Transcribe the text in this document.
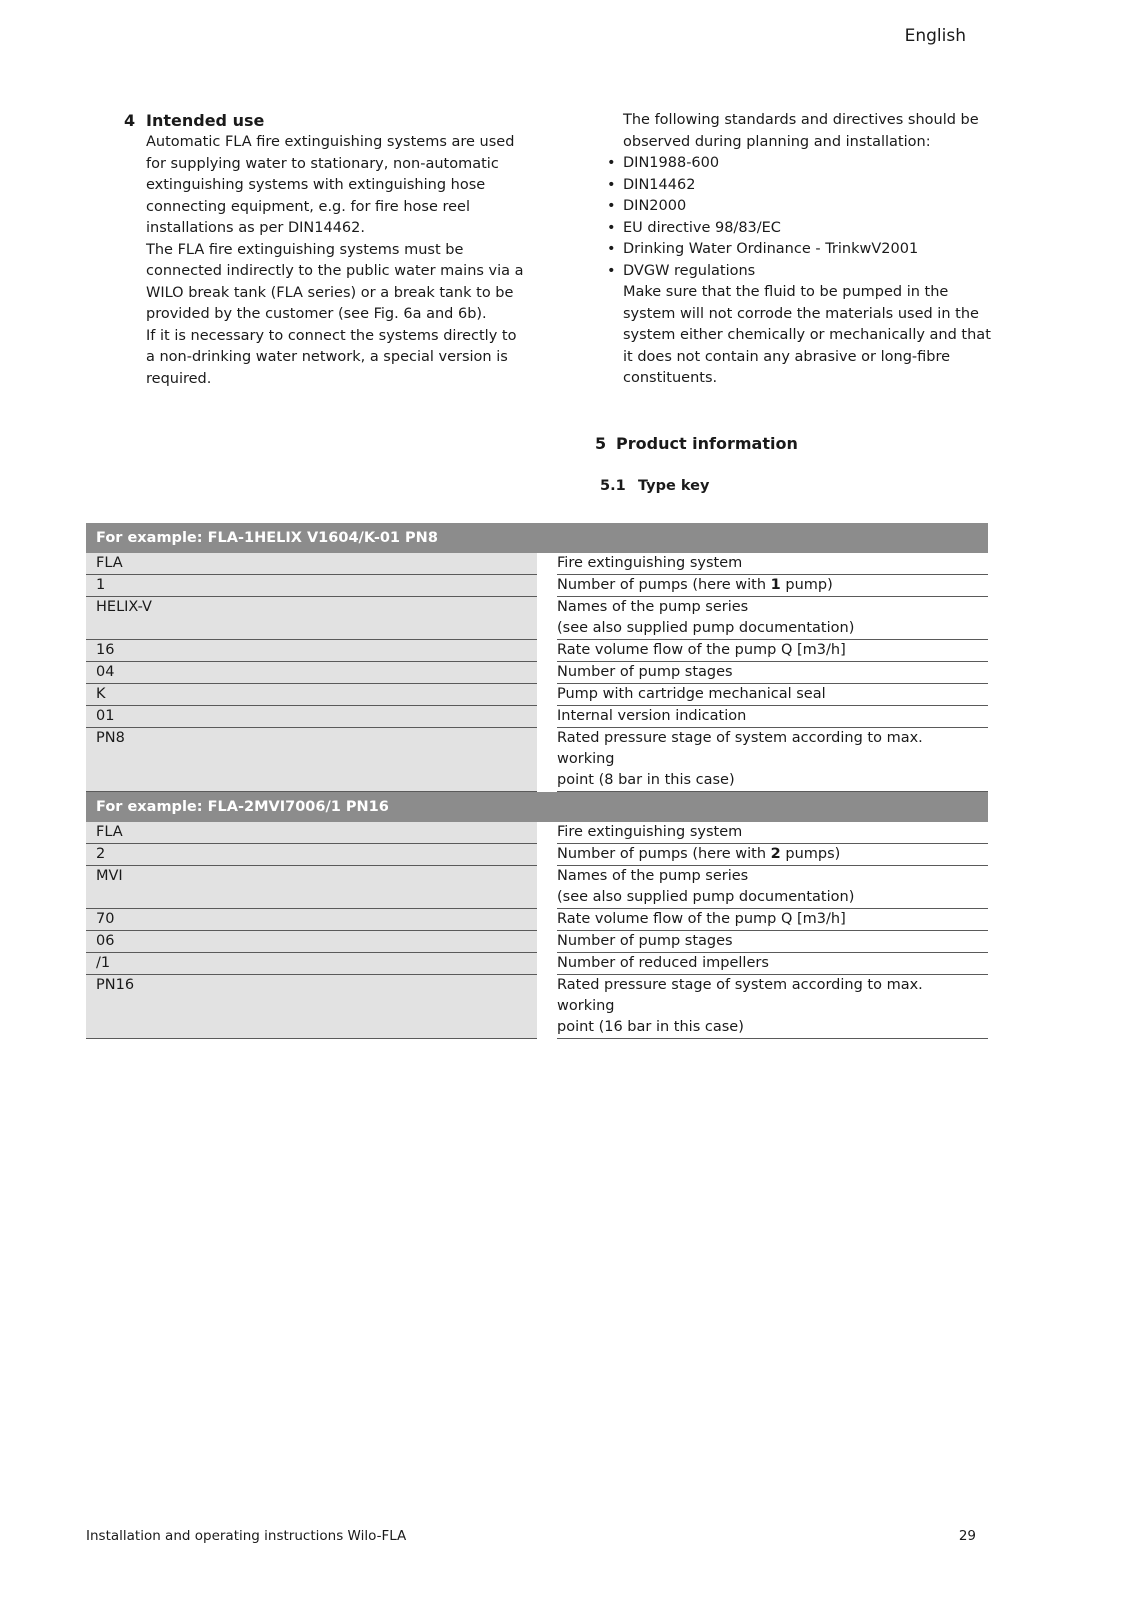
English
4 Intended use
Automatic FLA fire extinguishing systems are used for supplying water to stationary, non-automatic extinguishing systems with extinguishing hose connecting equipment, e.g. for fire hose reel installations as per DIN14462.
The FLA fire extinguishing systems must be connected indirectly to the public water mains via a WILO break tank (FLA series) or a break tank to be provided by the customer (see Fig. 6a and 6b).
If it is necessary to connect the systems directly to a non-drinking water network, a special version is required.
The following standards and directives should be observed during planning and installation:
• DIN1988-600
• DIN14462
• DIN2000
• EU directive 98/83/EC
• Drinking Water Ordinance - TrinkwV2001
• DVGW regulations
Make sure that the fluid to be pumped in the system will not corrode the materials used in the system either chemically or mechanically and that it does not contain any abrasive or long-fibre constituents.
5 Product information
5.1 Type key
For example: FLA-1HELIX V1604/K-01 PN8	
FLA	Fire extinguishing system
1	Number of pumps (here with 1 pump)
HELIX-V	Names of the pump series
(see also supplied pump documentation)

16	Rate volume flow of the pump Q [m3/h]
04	Number of pump stages
K	Pump with cartridge mechanical seal
01	Internal version indication
PN8	Rated pressure stage of system according to max. working
point (8 bar in this case)

For example: FLA-2MVI7006/1 PN16	
FLA	Fire extinguishing system
2	Number of pumps (here with 2 pumps)
MVI	Names of the pump series
(see also supplied pump documentation)

70	Rate volume flow of the pump Q [m3/h]
06	Number of pump stages
/1	Number of reduced impellers
PN16	Rated pressure stage of system according to max. working
point (16 bar in this case)
Installation and operating instructions Wilo-FLA	29
